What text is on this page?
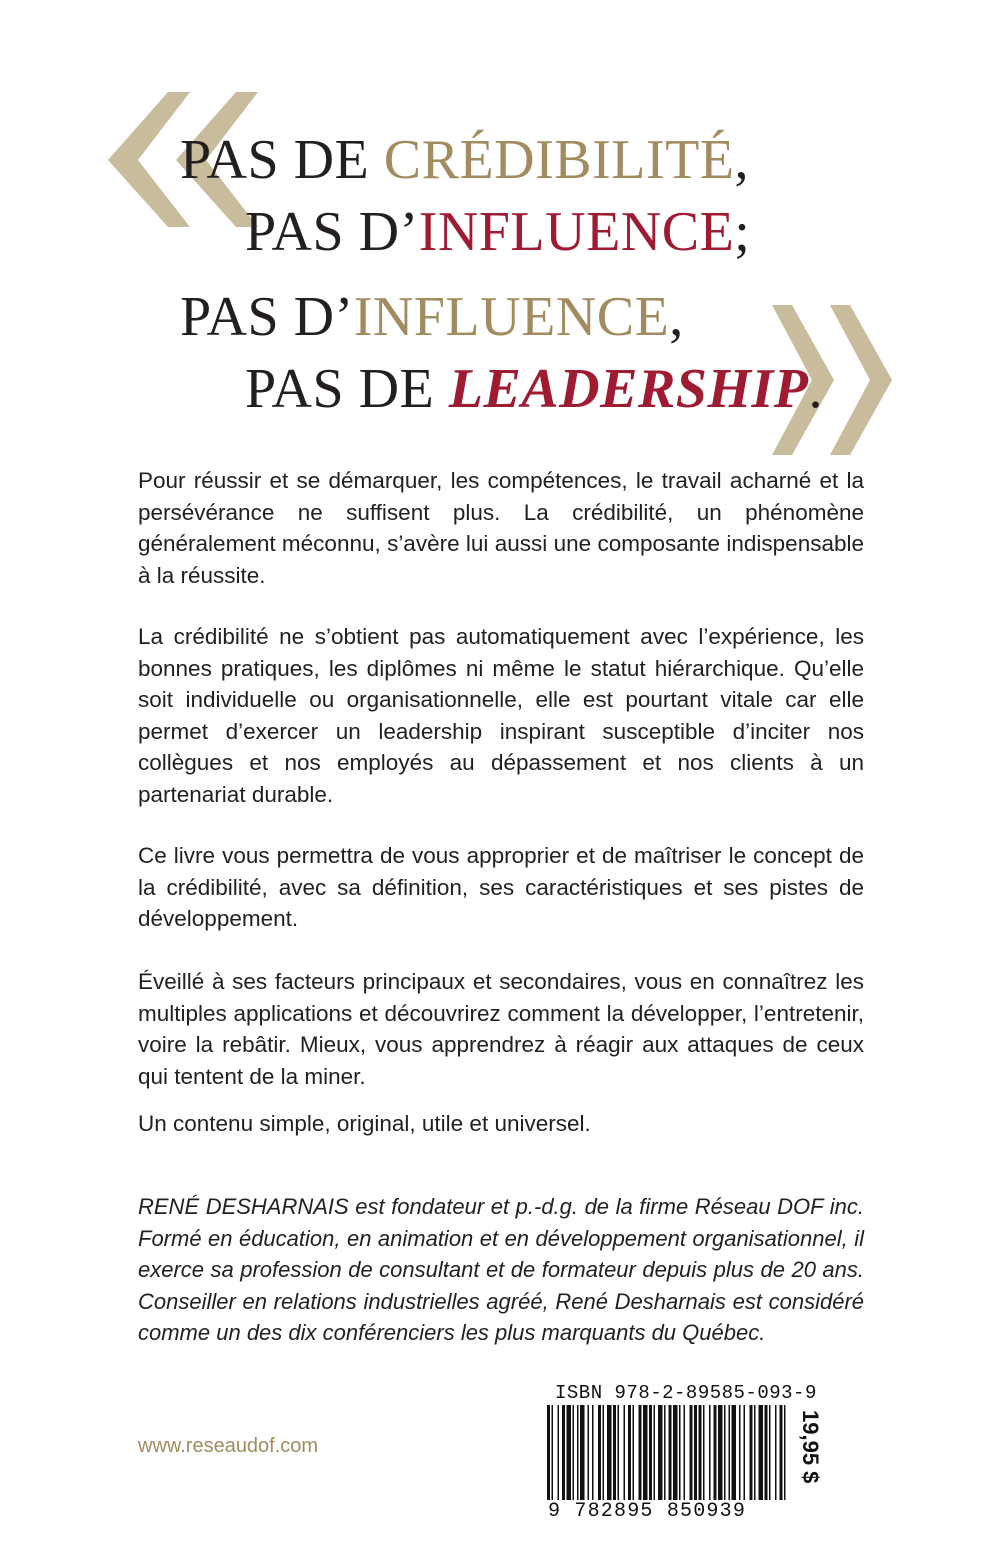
PAS DE CRÉDIBILITÉ,
PAS D’INFLUENCE;
PAS D’INFLUENCE,
PAS DE LEADERSHIP.

Pour réussir et se démarquer, les compétences, le travail acharné et la persévérance ne suffisent plus. La crédibilité, un phénomène généralement méconnu, s’avère lui aussi une composante indispensable à la réussite.

La crédibilité ne s’obtient pas automatiquement avec l’expérience, les bonnes pratiques, les diplômes ni même le statut hiérarchique. Qu’elle soit individuelle ou organisationnelle, elle est pourtant vitale car elle permet d’exercer un leadership inspirant susceptible d’inciter nos collègues et nos employés au dépassement et nos clients à un partenariat durable.

Ce livre vous permettra de vous approprier et de maîtriser le concept de la crédibilité, avec sa définition, ses caractéristiques et ses pistes de développement.

Éveillé à ses facteurs principaux et secondaires, vous en connaîtrez les multiples applications et découvrirez comment la développer, l’entretenir, voire la rebâtir. Mieux, vous apprendrez à réagir aux attaques de ceux qui tentent de la miner.

Un contenu simple, original, utile et universel.

RENÉ DESHARNAIS est fondateur et p.-d.g. de la firme Réseau DOF inc. Formé en éducation, en animation et en développement organisationnel, il exerce sa profession de consultant et de formateur depuis plus de 20 ans. Conseiller en relations industrielles agréé, René Desharnais est considéré comme un des dix conférenciers les plus marquants du Québec.

www.reseaudof.com

ISBN 978-2-89585-093-9
9 782895 850939
19,95 $
